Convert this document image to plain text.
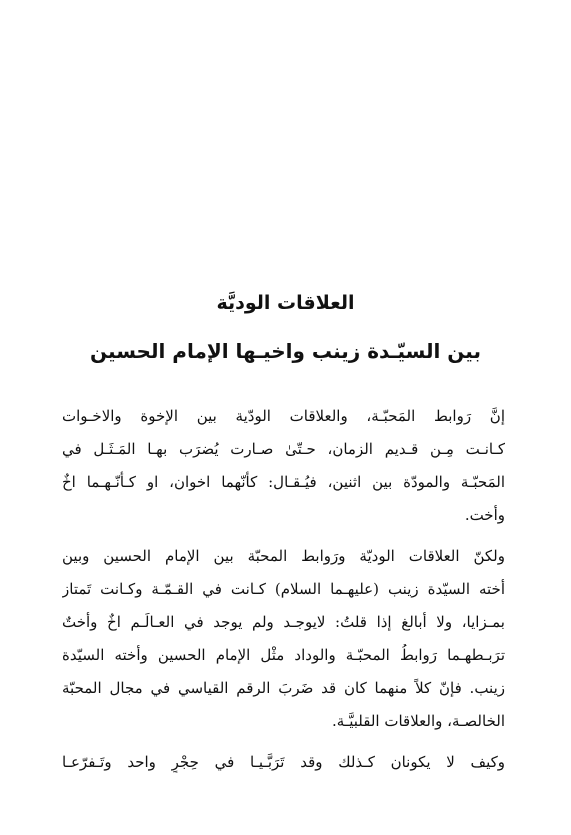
العلاقات الوديَّة
بين السيّـدة زينب واخيـها الإمام الحسين
إنَّ رَوابط المَحبّـة، والعلاقات الودّية بين الإخوة والاخـوات
كـانـت مِـن قـديم الزمان، حـتّىٰ صـارت يُضرَب بهـا المَـثَـل في
المَحبّـة والمودّة بين اثنين، فيُـقـال: كأنّهما اخوان، او كـأنّـهـما اخٌ
وأخت.
ولكنّ العلاقات الوديّة ورَوابط المحبّة بين الإمام الحسين وبين
أخته السيّدة زينب (عليهـما السلام) كـانت في القـمّـة وكـانت تَمتاز
بمـزايا، ولا أبالغ إذا قلتُ: لايوجـد ولم يوجد في العـالَـم اخٌ وأختٌ
ترَبـطهـما رَوابطُ المحبّـة والوداد مثْل الإمام الحسين وأخته السيّدة
زينب. فإنّ كلاً منهما كان قد ضَربَ الرقم القياسي في مجال المحبّة
الخالصـة، والعلاقات القلبيَّـة.
وكيف لا يكونان كـذلك وقد تَرَبَّـيـا في حِجْرٍ واحد وتَـفرّعـا
